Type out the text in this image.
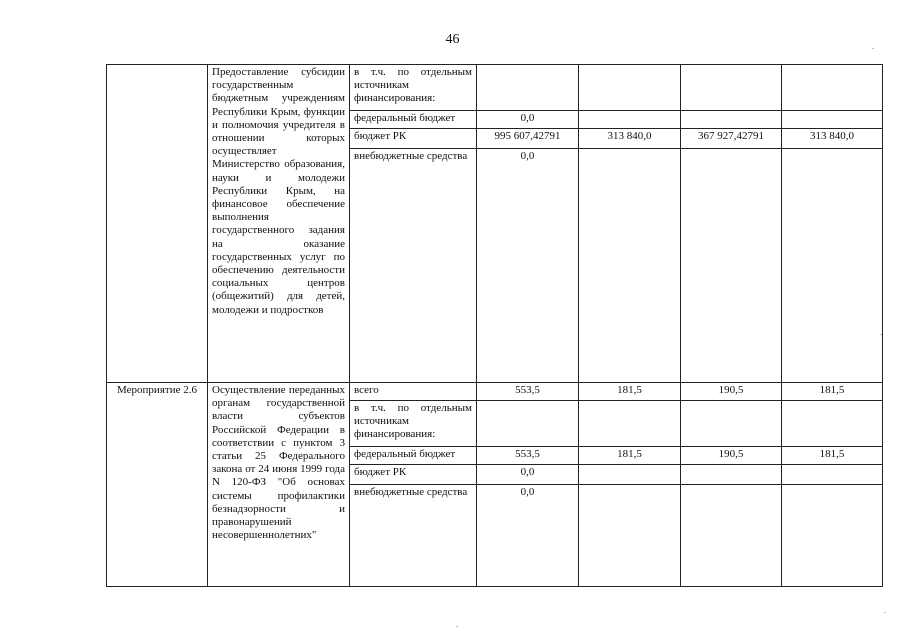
46
	Предоставление субсидии государственным бюджетным учреждениям Республики Крым, функции и полномочия учредителя в отношении которых осуществляет Министерство образования, науки и молодежи Республики Крым, на финансовое обеспечение выполнения государственного задания на оказание государственных услуг по обеспечению деятельности социальных центров (общежитий) для детей, молодежи и подростков	в т.ч. по отдельным источникам финансирования:				
		федеральный бюджет	0,0			
		бюджет РК	995 607,42791	313 840,0	367 927,42791	313 840,0
		внебюджетные средства	0,0			
Мероприятие 2.6	Осуществление переданных органам государственной власти субъектов Российской Федерации в соответствии с пунктом 3 статьи 25 Федерального закона от 24 июня 1999 года N 120-ФЗ "Об основах системы профилактики безнадзорности и правонарушений несовершеннолетних"	всего	553,5	181,5	190,5	181,5
		в т.ч. по отдельным источникам финансирования:				
		федеральный бюджет	553,5	181,5	190,5	181,5
		бюджет РК	0,0			
		внебюджетные средства	0,0			
